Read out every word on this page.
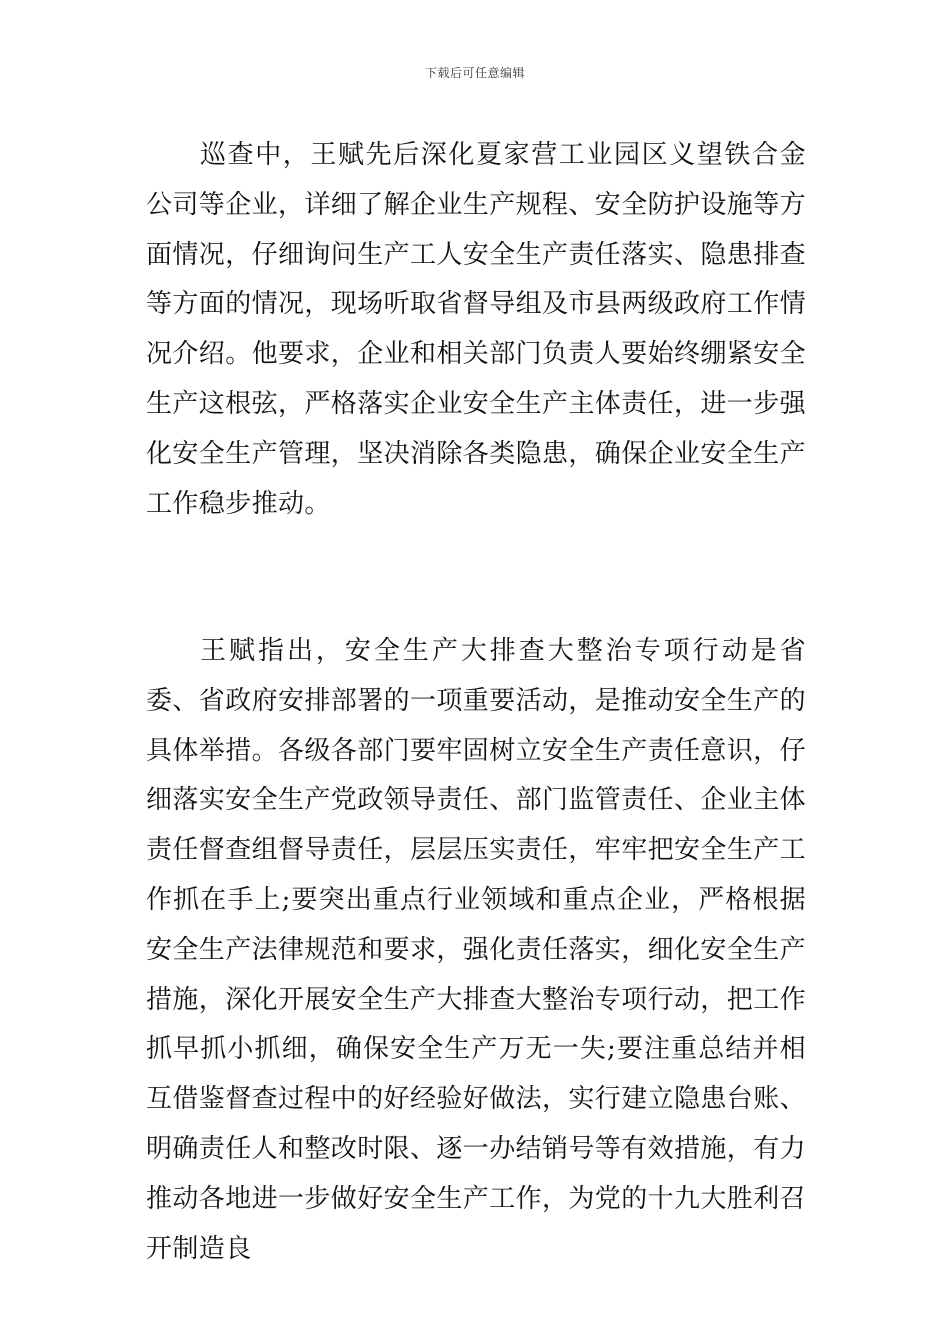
下载后可任意编辑

巡查中，王赋先后深化夏家营工业园区义望铁合金公司等企业，详细了解企业生产规程、安全防护设施等方面情况，仔细询问生产工人安全生产责任落实、隐患排查等方面的情况，现场听取省督导组及市县两级政府工作情况介绍。他要求，企业和相关部门负责人要始终绷紧安全生产这根弦，严格落实企业安全生产主体责任，进一步强化安全生产管理，坚决消除各类隐患，确保企业安全生产工作稳步推动。

王赋指出，安全生产大排查大整治专项行动是省委、省政府安排部署的一项重要活动，是推动安全生产的具体举措。各级各部门要牢固树立安全生产责任意识，仔细落实安全生产党政领导责任、部门监管责任、企业主体责任督查组督导责任，层层压实责任，牢牢把安全生产工作抓在手上;要突出重点行业领域和重点企业，严格根据安全生产法律规范和要求，强化责任落实，细化安全生产措施，深化开展安全生产大排查大整治专项行动，把工作抓早抓小抓细，确保安全生产万无一失;要注重总结并相互借鉴督查过程中的好经验好做法，实行建立隐患台账、明确责任人和整改时限、逐一办结销号等有效措施，有力推动各地进一步做好安全生产工作，为党的十九大胜利召开制造良
